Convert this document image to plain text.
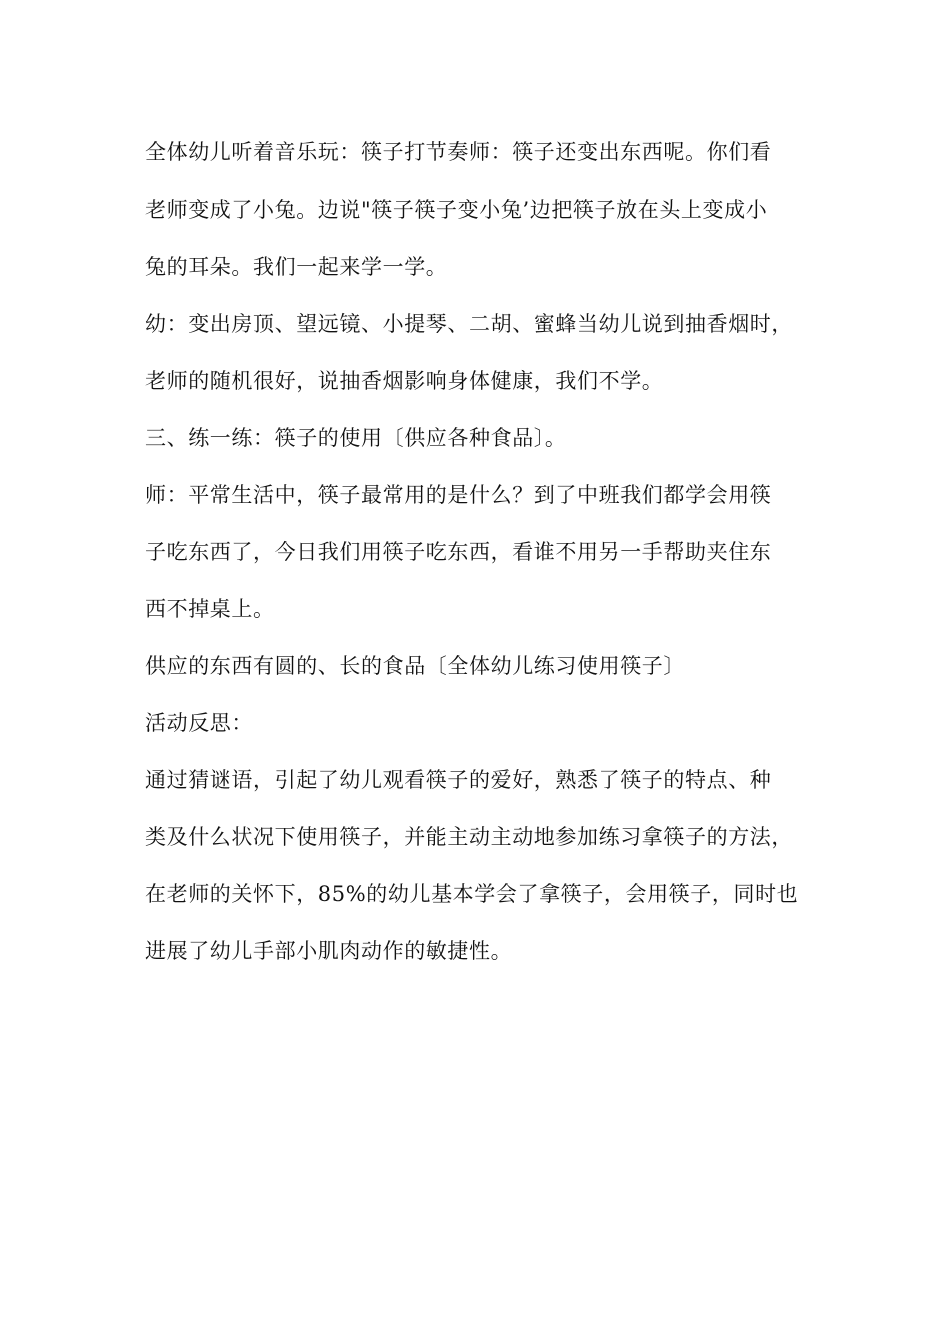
全体幼儿听着音乐玩：筷子打节奏师：筷子还变出东西呢。你们看
老师变成了小兔。边说"筷子筷子变小兔’边把筷子放在头上变成小
兔的耳朵。我们一起来学一学。
幼：变出房顶、望远镜、小提琴、二胡、蜜蜂当幼儿说到抽香烟时，
老师的随机很好，说抽香烟影响身体健康，我们不学。
三、练一练：筷子的使用〔供应各种食品〕。
师：平常生活中，筷子最常用的是什么？到了中班我们都学会用筷
子吃东西了，今日我们用筷子吃东西，看谁不用另一手帮助夹住东
西不掉桌上。
供应的东西有圆的、长的食品〔全体幼儿练习使用筷子〕
活动反思：
通过猜谜语，引起了幼儿观看筷子的爱好，熟悉了筷子的特点、种
类及什么状况下使用筷子，并能主动主动地参加练习拿筷子的方法，
在老师的关怀下，85%的幼儿基本学会了拿筷子，会用筷子，同时也
进展了幼儿手部小肌肉动作的敏捷性。
